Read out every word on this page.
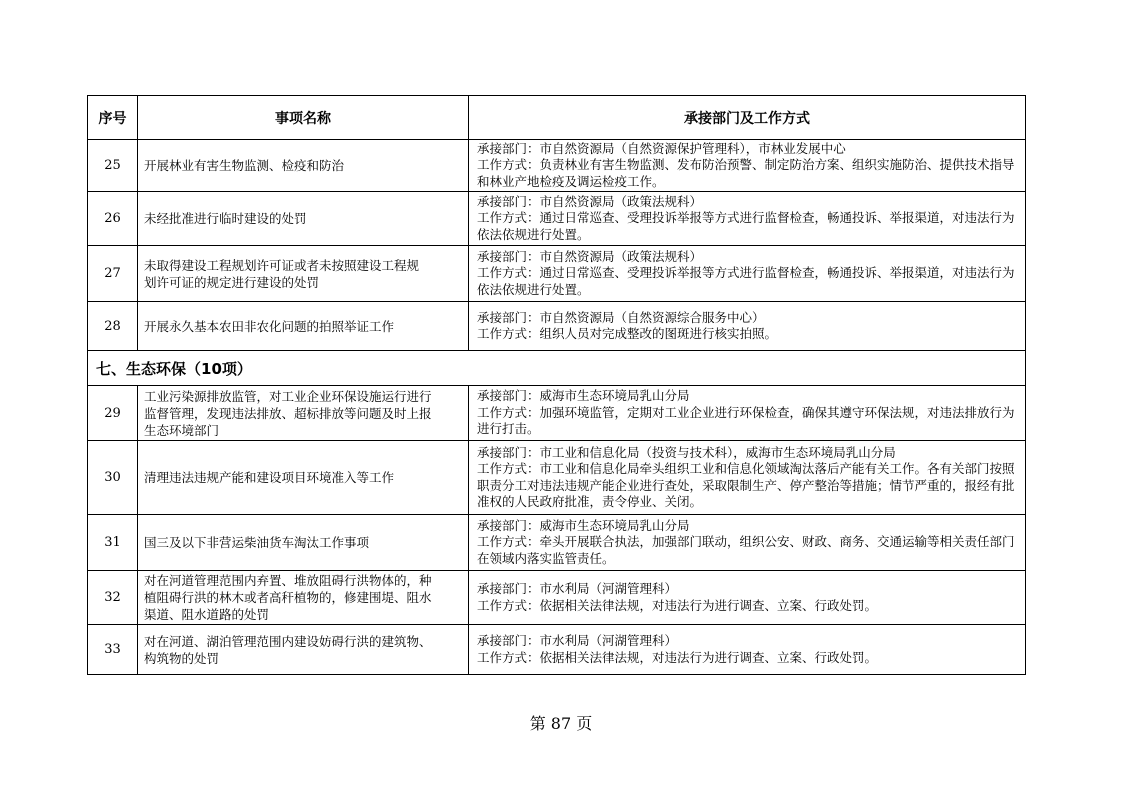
序号	事项名称	承接部门及工作方式
25	开展林业有害生物监测、检疫和防治	承接部门：市自然资源局（自然资源保护管理科），市林业发展中心
工作方式：负责林业有害生物监测、发布防治预警、制定防治方案、组织实施防治、提供技术指导和林业产地检疫及调运检疫工作。

26	未经批准进行临时建设的处罚	承接部门：市自然资源局（政策法规科）
工作方式：通过日常巡查、受理投诉举报等方式进行监督检查，畅通投诉、举报渠道，对违法行为依法依规进行处置。

27	未取得建设工程规划许可证或者未按照建设工程规
划许可证的规定进行建设的处罚	承接部门：市自然资源局（政策法规科）
工作方式：通过日常巡查、受理投诉举报等方式进行监督检查，畅通投诉、举报渠道，对违法行为依法依规进行处置。

28	开展永久基本农田非农化问题的拍照举证工作	承接部门：市自然资源局（自然资源综合服务中心）
工作方式：组织人员对完成整改的图斑进行核实拍照。

七、生态环保（10项）		
29	工业污染源排放监管，对工业企业环保设施运行进行
监督管理，发现违法排放、超标排放等问题及时上报
生态环境部门	承接部门：威海市生态环境局乳山分局
工作方式：加强环境监管，定期对工业企业进行环保检查，确保其遵守环保法规，对违法排放行为进行打击。

30	清理违法违规产能和建设项目环境准入等工作	承接部门：市工业和信息化局（投资与技术科），威海市生态环境局乳山分局
工作方式：市工业和信息化局牵头组织工业和信息化领域淘汰落后产能有关工作。各有关部门按照职责分工对违法违规产能企业进行查处，采取限制生产、停产整治等措施；情节严重的，报经有批准权的人民政府批准，责令停业、关闭。

31	国三及以下非营运柴油货车淘汰工作事项	承接部门：威海市生态环境局乳山分局
工作方式：牵头开展联合执法，加强部门联动，组织公安、财政、商务、交通运输等相关责任部门在领域内落实监管责任。

32	对在河道管理范围内弃置、堆放阻碍行洪物体的，种
植阻碍行洪的林木或者高秆植物的，修建围堤、阻水
渠道、阻水道路的处罚	承接部门：市水利局（河湖管理科）
工作方式：依据相关法律法规，对违法行为进行调查、立案、行政处罚。

33	对在河道、湖泊管理范围内建设妨碍行洪的建筑物、
构筑物的处罚	承接部门：市水利局（河湖管理科）
工作方式：依据相关法律法规，对违法行为进行调查、立案、行政处罚。
第 87 页
